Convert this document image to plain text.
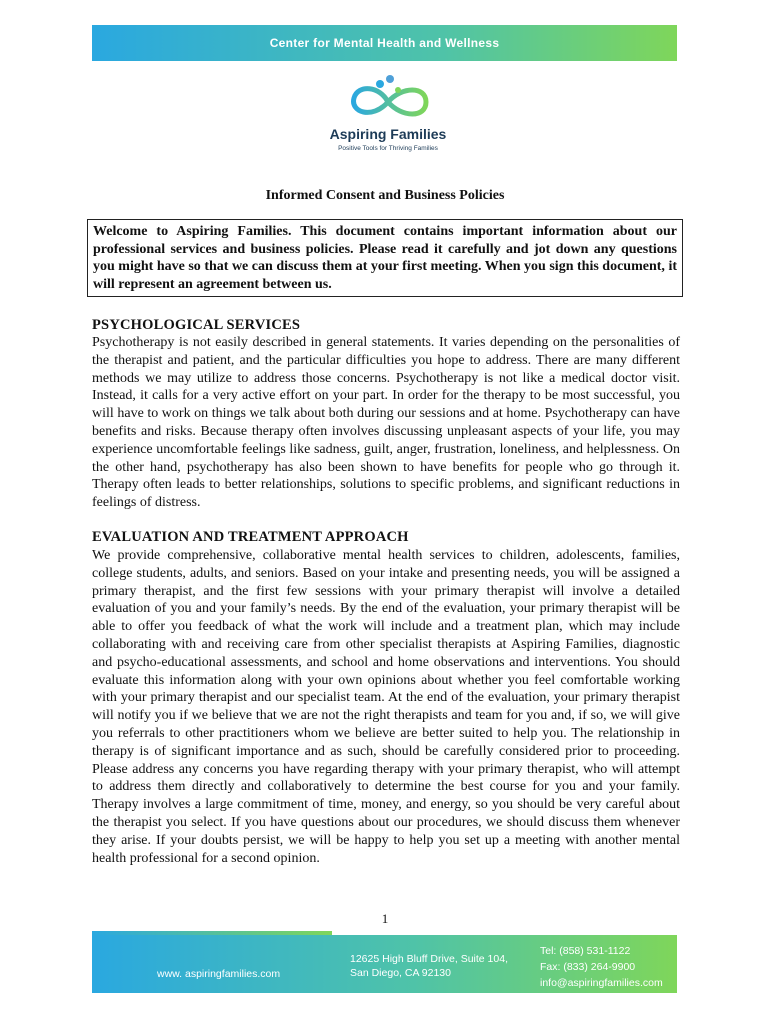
Center for Mental Health and Wellness
Aspiring Families
Positive Tools for Thriving Families
Informed Consent and Business Policies
Welcome to Aspiring Families. This document contains important information about our professional services and business policies. Please read it carefully and jot down any questions you might have so that we can discuss them at your first meeting. When you sign this document, it will represent an agreement between us.
PSYCHOLOGICAL SERVICES
Psychotherapy is not easily described in general statements. It varies depending on the personalities of the therapist and patient, and the particular difficulties you hope to address. There are many different methods we may utilize to address those concerns. Psychotherapy is not like a medical doctor visit. Instead, it calls for a very active effort on your part. In order for the therapy to be most successful, you will have to work on things we talk about both during our sessions and at home. Psychotherapy can have benefits and risks. Because therapy often involves discussing unpleasant aspects of your life, you may experience uncomfortable feelings like sadness, guilt, anger, frustration, loneliness, and helplessness. On the other hand, psychotherapy has also been shown to have benefits for people who go through it. Therapy often leads to better relationships, solutions to specific problems, and significant reductions in feelings of distress.
EVALUATION AND TREATMENT APPROACH
We provide comprehensive, collaborative mental health services to children, adolescents, families, college students, adults, and seniors. Based on your intake and presenting needs, you will be assigned a primary therapist, and the first few sessions with your primary therapist will involve a detailed evaluation of you and your family’s needs. By the end of the evaluation, your primary therapist will be able to offer you feedback of what the work will include and a treatment plan, which may include collaborating with and receiving care from other specialist therapists at Aspiring Families, diagnostic and psycho-educational assessments, and school and home observations and interventions. You should evaluate this information along with your own opinions about whether you feel comfortable working with your primary therapist and our specialist team. At the end of the evaluation, your primary therapist will notify you if we believe that we are not the right therapists and team for you and, if so, we will give you referrals to other practitioners whom we believe are better suited to help you. The relationship in therapy is of significant importance and as such, should be carefully considered prior to proceeding. Please address any concerns you have regarding therapy with your primary therapist, who will attempt to address them directly and collaboratively to determine the best course for you and your family. Therapy involves a large commitment of time, money, and energy, so you should be very careful about the therapist you select. If you have questions about our procedures, we should discuss them whenever they arise. If your doubts persist, we will be happy to help you set up a meeting with another mental health professional for a second opinion.
1
www. aspiringfamilies.com
12625 High Bluff Drive, Suite 104,
San Diego, CA 92130
Tel: (858) 531-1122
Fax: (833) 264-9900
info@aspiringfamilies.com
